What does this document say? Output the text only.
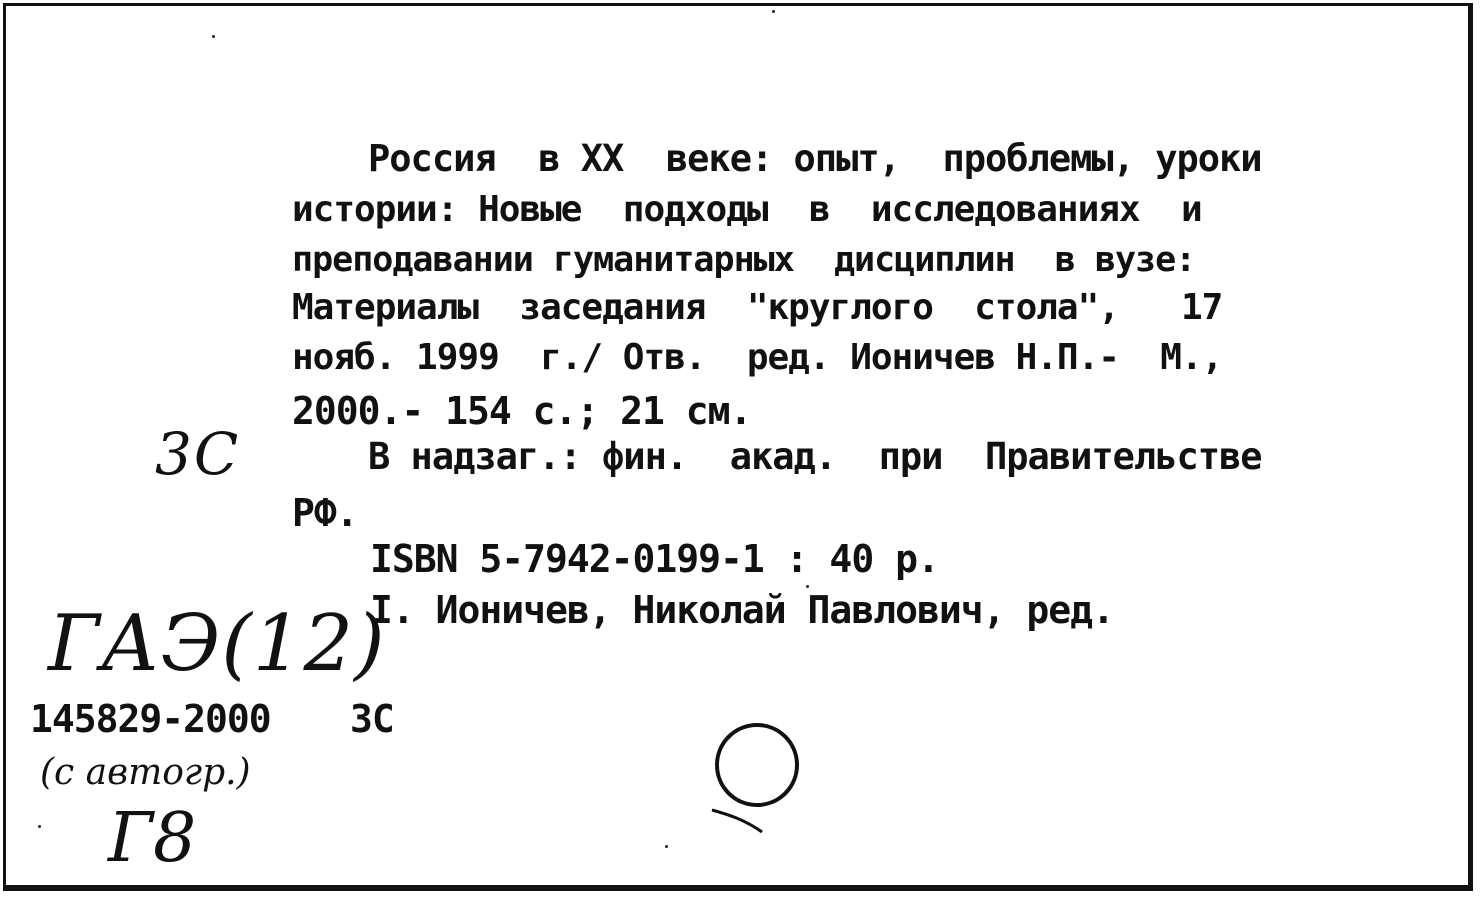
Россия  в XX  веке: опыт,  проблемы, уроки
истории: Новые  подходы  в  исследованиях  и
преподавании гуманитарных  дисциплин  в вузе:
Материалы  заседания  "круглого  стола",   17
нояб. 1999  г./ Отв.  ред. Ионичев Н.П.-  М.,
2000.- 154 с.; 21 см.
В надзаг.: фин.  акад.  при  Правительстве
РФ.
ISBN 5-7942-0199-1 : 40 р.
I. Ионичев, Николай Павлович, ред.
145829-2000 ЗС
3С
ГАЭ(12)
(с автогр.)
Г8
